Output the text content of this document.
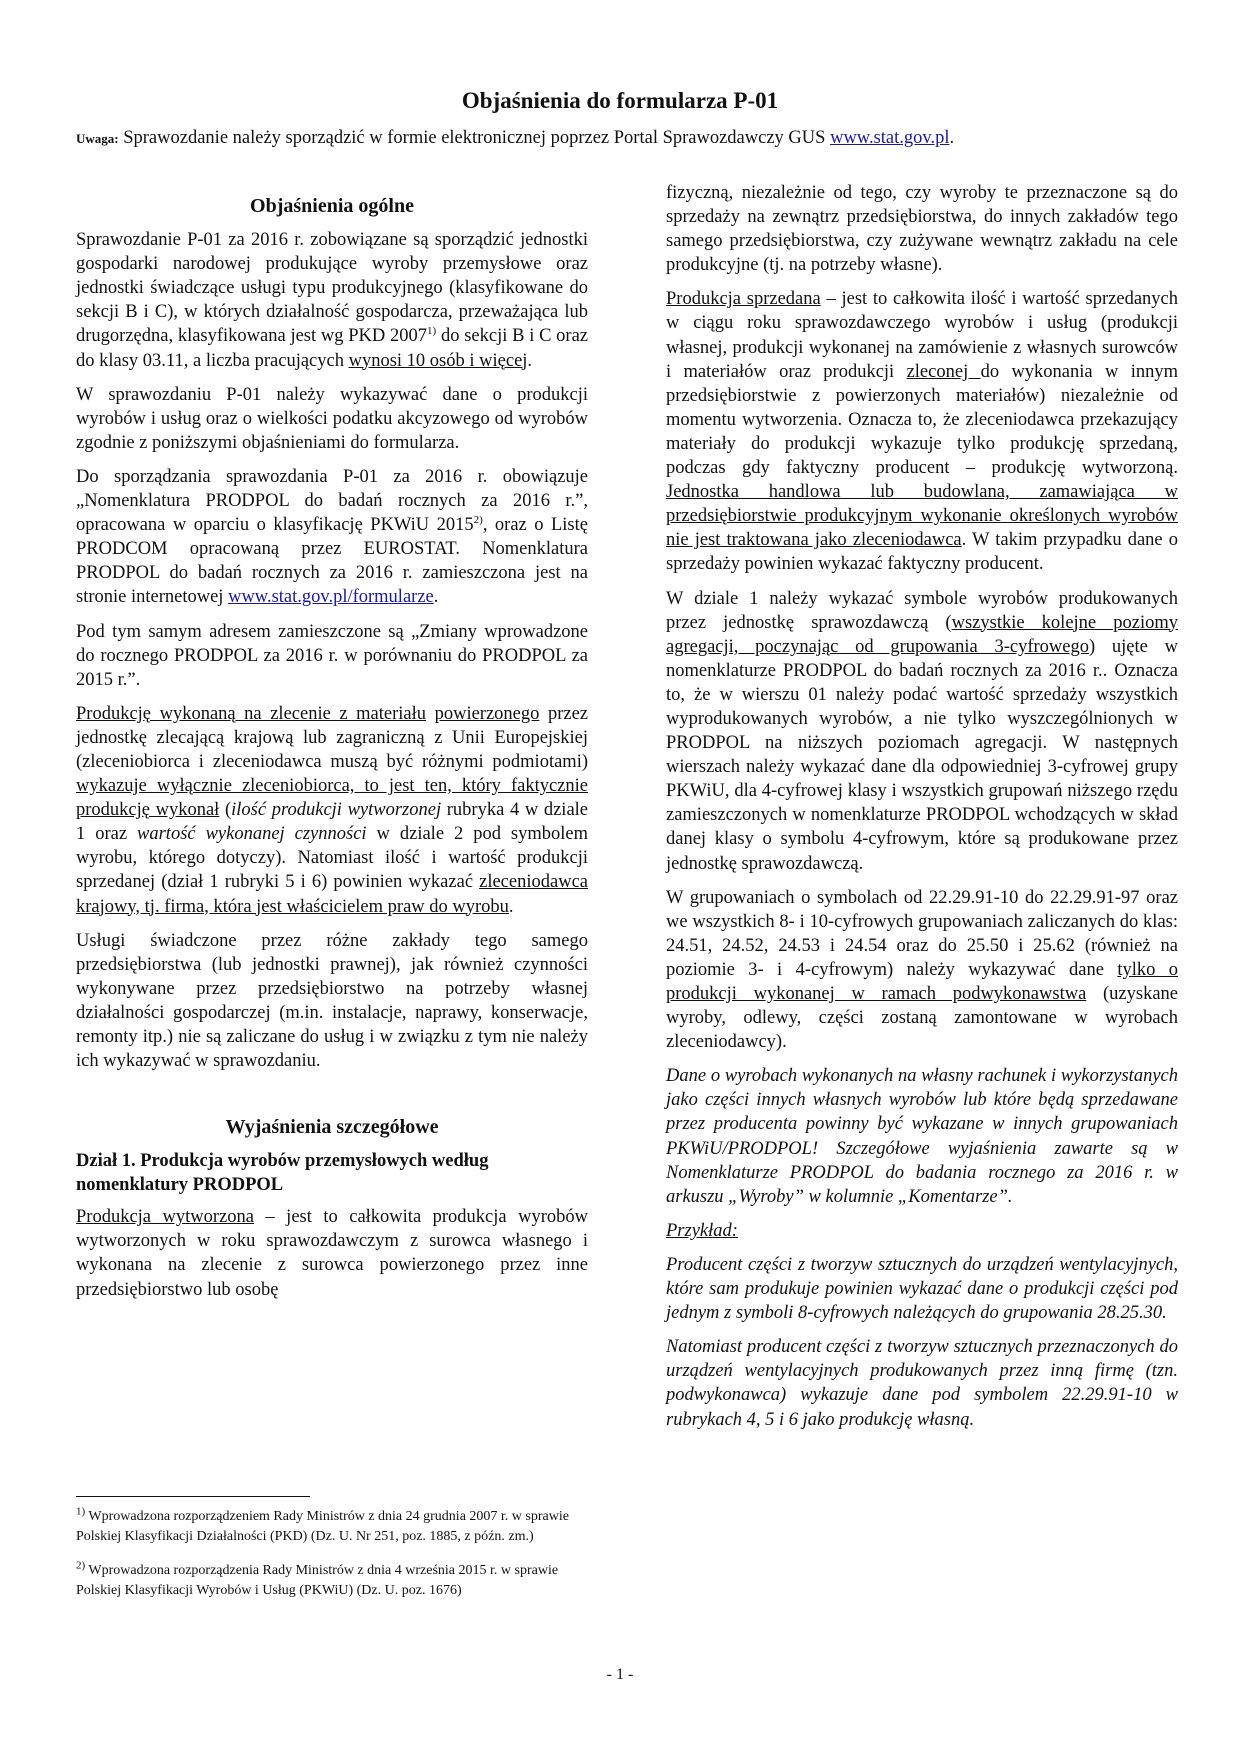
Objaśnienia do formularza P-01

Uwaga: Sprawozdanie należy sporządzić w formie elektronicznej poprzez Portal Sprawozdawczy GUS www.stat.gov.pl.

Objaśnienia ogólne

Sprawozdanie P-01 za 2016 r. zobowiązane są sporządzić jednostki gospodarki narodowej produkujące wyroby przemysłowe oraz jednostki świadczące usługi typu produkcyjnego (klasyfikowane do sekcji B i C), w których działalność gospodarcza, przeważająca lub drugorzędna, klasyfikowana jest wg PKD 2007$^{1)}$ do sekcji B i C oraz do klasy 03.11, a liczba pracujących wynosi 10 osób i więcej.

W sprawozdaniu P-01 należy wykazywać dane o produkcji wyrobów i usług oraz o wielkości podatku akcyzowego od wyrobów zgodnie z poniższymi objaśnieniami do formularza.

Do sporządzania sprawozdania P-01 za 2016 r. obowiązuje „Nomenklatura PRODPOL do badań rocznych za 2016 r.”, opracowana w oparciu o klasyfikację PKWiU 2015$^{2)}$, oraz o Listę PRODCOM opracowaną przez EUROSTAT. Nomenklatura PRODPOL do badań rocznych za 2016 r. zamieszczona jest na stronie internetowej www.stat.gov.pl/formularze.

Pod tym samym adresem zamieszczone są „Zmiany wprowadzone do rocznego PRODPOL za 2016 r. w porównaniu do PRODPOL za 2015 r.”.

Produkcję wykonaną na zlecenie z materiału powierzonego przez jednostkę zlecającą krajową lub zagraniczną z Unii Europejskiej (zleceniobiorca i zleceniodawca muszą być różnymi podmiotami) wykazuje wyłącznie zleceniobiorca, to jest ten, który faktycznie produkcję wykonał (ilość produkcji wytworzonej rubryka 4 w dziale 1 oraz wartość wykonanej czynności w dziale 2 pod symbolem wyrobu, którego dotyczy). Natomiast ilość i wartość produkcji sprzedanej (dział 1 rubryki 5 i 6) powinien wykazać zleceniodawca krajowy, tj. firma, która jest właścicielem praw do wyrobu.

Usługi świadczone przez różne zakłady tego samego przedsiębiorstwa (lub jednostki prawnej), jak również czynności wykonywane przez przedsiębiorstwo na potrzeby własnej działalności gospodarczej (m.in. instalacje, naprawy, konserwacje, remonty itp.) nie są zaliczane do usług i w związku z tym nie należy ich wykazywać w sprawozdaniu.

Wyjaśnienia szczegółowe
Dział 1. Produkcja wyrobów przemysłowych według nomenklatury PRODPOL

Produkcja wytworzona – jest to całkowita produkcja wyrobów wytworzonych w roku sprawozdawczym z surowca własnego i wykonana na zlecenie z surowca powierzonego przez inne przedsiębiorstwo lub osobę

fizyczną, niezależnie od tego, czy wyroby te przeznaczone są do sprzedaży na zewnątrz przedsiębiorstwa, do innych zakładów tego samego przedsiębiorstwa, czy zużywane wewnątrz zakładu na cele produkcyjne (tj. na potrzeby własne).

Produkcja sprzedana – jest to całkowita ilość i wartość sprzedanych w ciągu roku sprawozdawczego wyrobów i usług (produkcji własnej, produkcji wykonanej na zamówienie z własnych surowców i materiałów oraz produkcji zleconej do wykonania w innym przedsiębiorstwie z powierzonych materiałów) niezależnie od momentu wytworzenia. Oznacza to, że zleceniodawca przekazujący materiały do produkcji wykazuje tylko produkcję sprzedaną, podczas gdy faktyczny producent – produkcję wytworzoną. Jednostka handlowa lub budowlana, zamawiająca w przedsiębiorstwie produkcyjnym wykonanie określonych wyrobów nie jest traktowana jako zleceniodawca. W takim przypadku dane o sprzedaży powinien wykazać faktyczny producent.

W dziale 1 należy wykazać symbole wyrobów produkowanych przez jednostkę sprawozdawczą (wszystkie kolejne poziomy agregacji, poczynając od grupowania 3-cyfrowego) ujęte w nomenklaturze PRODPOL do badań rocznych za 2016 r.. Oznacza to, że w wierszu 01 należy podać wartość sprzedaży wszystkich wyprodukowanych wyrobów, a nie tylko wyszczególnionych w PRODPOL na niższych poziomach agregacji. W następnych wierszach należy wykazać dane dla odpowiedniej 3-cyfrowej grupy PKWiU, dla 4-cyfrowej klasy i wszystkich grupowań niższego rzędu zamieszczonych w nomenklaturze PRODPOL wchodzących w skład danej klasy o symbolu 4-cyfrowym, które są produkowane przez jednostkę sprawozdawczą.

W grupowaniach o symbolach od 22.29.91-10 do 22.29.91-97 oraz we wszystkich 8- i 10-cyfrowych grupowaniach zaliczanych do klas: 24.51, 24.52, 24.53 i 24.54 oraz do 25.50 i 25.62 (również na poziomie 3- i 4-cyfrowym) należy wykazywać dane tylko o produkcji wykonanej w ramach podwykonawstwa (uzyskane wyroby, odlewy, części zostaną zamontowane w wyrobach zleceniodawcy).

Dane o wyrobach wykonanych na własny rachunek i wykorzystanych jako części innych własnych wyrobów lub które będą sprzedawane przez producenta powinny być wykazane w innych grupowaniach PKWiU/PRODPOL! Szczegółowe wyjaśnienia zawarte są w Nomenklaturze PRODPOL do badania rocznego za 2016 r. w arkuszu „Wyroby” w kolumnie „Komentarze”.

Przykład:

Producent części z tworzyw sztucznych do urządzeń wentylacyjnych, które sam produkuje powinien wykazać dane o produkcji części pod jednym z symboli 8-cyfrowych należących do grupowania 28.25.30.

Natomiast producent części z tworzyw sztucznych przeznaczonych do urządzeń wentylacyjnych produkowanych przez inną firmę (tzn. podwykonawca) wykazuje dane pod symbolem 22.29.91-10 w rubrykach 4, 5 i 6 jako produkcję własną.

$^{1)}$ Wprowadzona rozporządzeniem Rady Ministrów z dnia 24 grudnia 2007 r. w sprawie Polskiej Klasyfikacji Działalności (PKD) (Dz. U. Nr 251, poz. 1885, z późn. zm.)

$^{2)}$ Wprowadzona rozporządzenia Rady Ministrów z dnia 4 września 2015 r. w sprawie Polskiej Klasyfikacji Wyrobów i Usług (PKWiU) (Dz. U. poz. 1676)

- 1 -
